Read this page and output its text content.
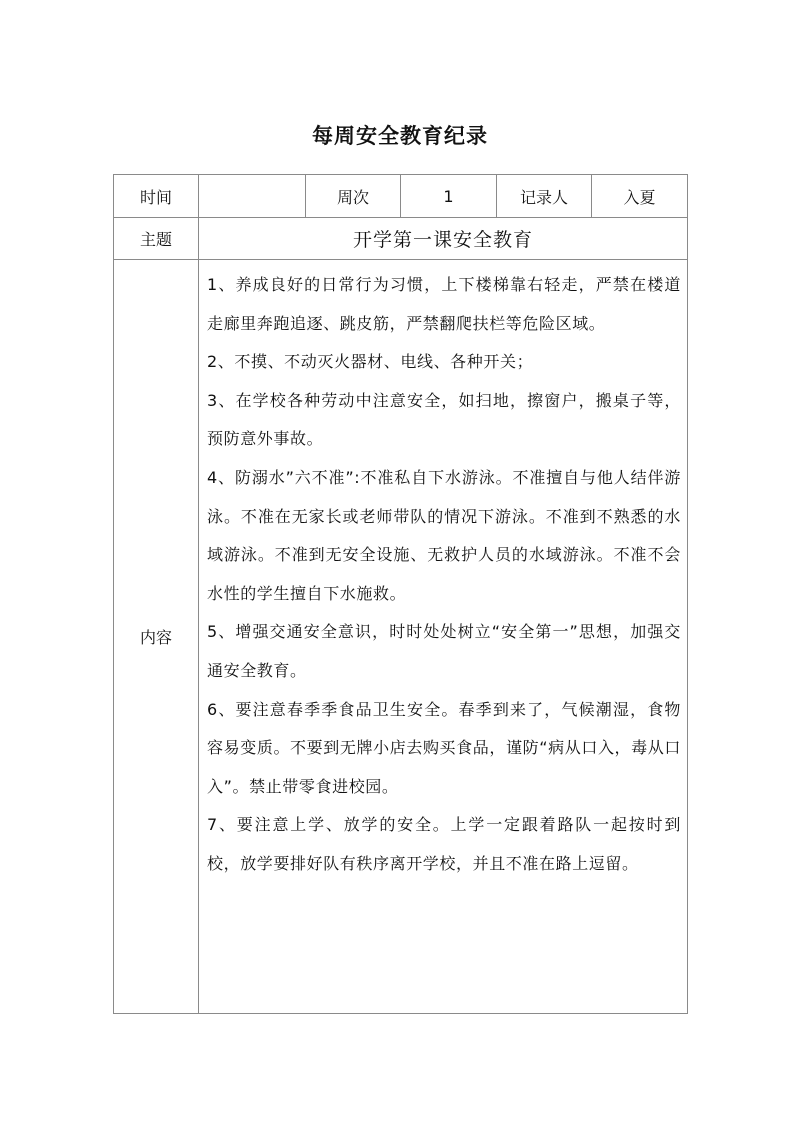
每周安全教育纪录
时间		周次	1	记录人	入夏
主题	开学第一课安全教育				
内容	

1、养成良好的日常行为习惯，上下楼梯靠右轻走，严禁在楼道走廊里奔跑追逐、跳皮筋，严禁翻爬扶栏等危险区域。

2、不摸、不动灭火器材、电线、各种开关；

3、在学校各种劳动中注意安全，如扫地，擦窗户，搬桌子等，预防意外事故。

4、防溺水”六不准”:不准私自下水游泳。不准擅自与他人结伴游泳。不准在无家长或老师带队的情况下游泳。不准到不熟悉的水域游泳。不准到无安全设施、无救护人员的水域游泳。不准不会水性的学生擅自下水施救。

5、增强交通安全意识，时时处处树立“安全第一”思想，加强交通安全教育。

6、要注意春季季食品卫生安全。春季到来了，气候潮湿，食物容易变质。不要到无牌小店去购买食品，谨防“病从口入，毒从口入”。禁止带零食进校园。

7、要注意上学、放学的安全。上学一定跟着路队一起按时到校，放学要排好队有秩序离开学校，并且不准在路上逗留。
